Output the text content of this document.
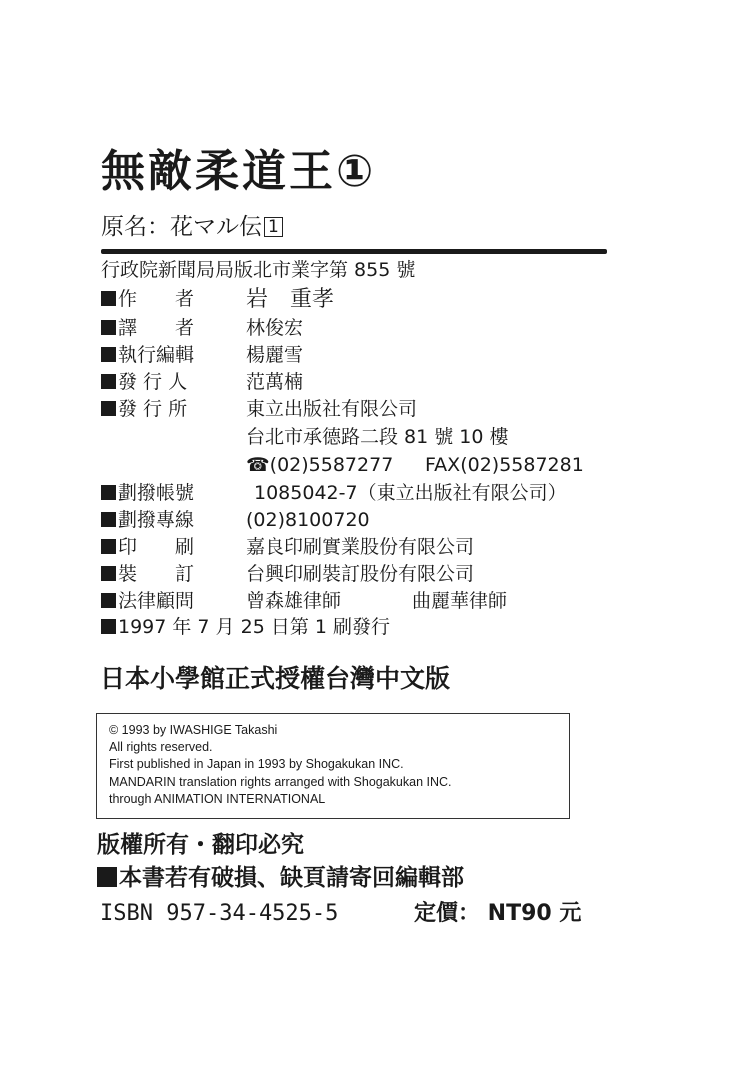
無敵柔道王①
原名：花マル伝 1
行政院新聞局局版北市業字第 855 號
作　　者 岩　重孝
譯　　者	林俊宏
執行編輯	楊麗雪
發 行 人	范萬楠
發 行 所	東立出版社有限公司
台北市承德路二段 81 號 10 樓
☎(02)5587277 FAX(02)5587281
劃撥帳號	1085042-7（東立出版社有限公司）
劃撥專線	(02)8100720
印　　刷	嘉良印刷實業股份有限公司
裝　　訂	台興印刷裝訂股份有限公司
法律顧問	曾森雄律師	曲麗華律師
1997 年 7 月 25 日第 1 刷發行
日本小學館正式授權台灣中文版
© 1993 by IWASHIGE Takashi
All rights reserved.
First published in Japan in 1993 by Shogakukan INC.
MANDARIN translation rights arranged with Shogakukan INC.
through ANIMATION INTERNATIONAL
版權所有・翻印必究
本書若有破損、缺頁請寄回編輯部
ISBN 957-34-4525-5	定價： NT90 元
